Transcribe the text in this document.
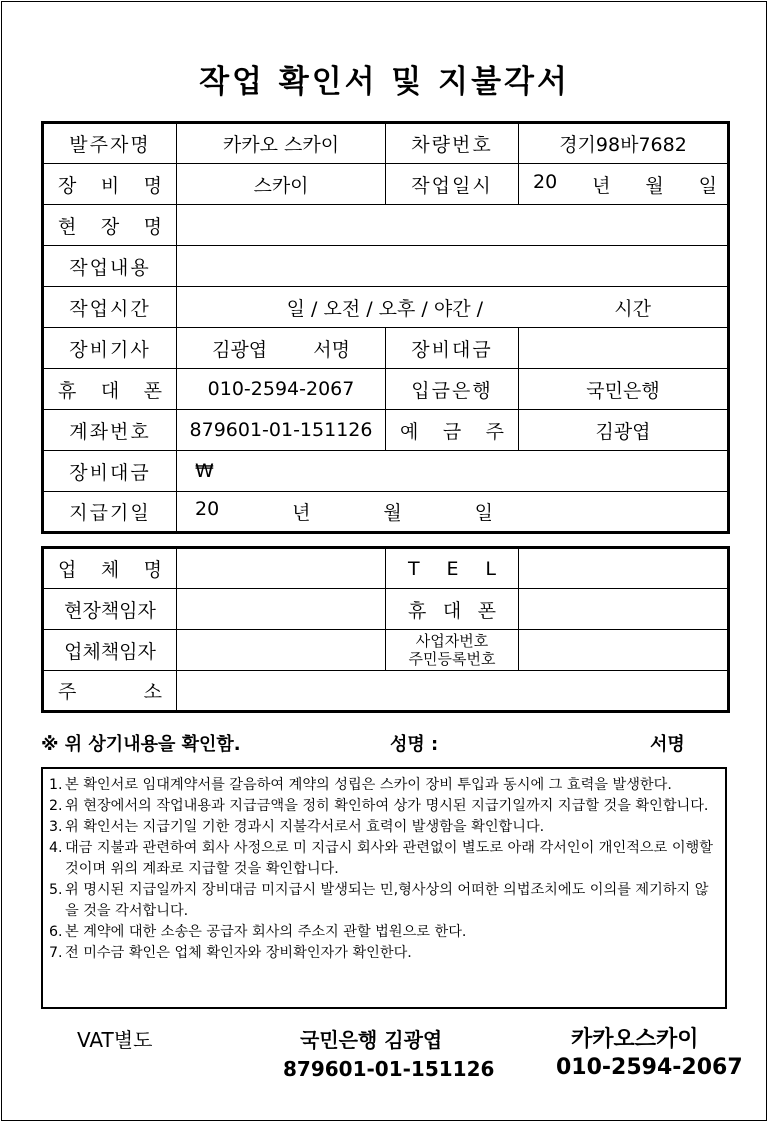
작업 확인서 및 지불각서
발주자명	카카오 스카이	차량번호	경기98바7682

장 비 명	스카이	작업일시	20 년 월 일

현 장 명			

작업내용			
작업시간	일 / 오전 / 오후 / 야간 / 시간		

장비기사	김광엽 서명	장비대금	

휴 대 폰	010-2594-2067	입금은행	국민은행
계좌번호	879601-01-151126	예 금 주	김광엽
장비대금	₩		
지급기일	20 년 월 일		
업 체 명		T E L	

현장책임자		휴 대 폰	

업체책임자		사업자번호
주민등록번호	

주 소			

※ 위 상기내용을 확인함.	성명 :	서명
1. 본 확인서로 임대계약서를 갈음하여 계약의 성립은 스카이 장비 투입과 동시에 그 효력을 발생한다.
2. 위 현장에서의 작업내용과 지급금액을 정히 확인하여 상가 명시된 지급기일까지 지급할 것을 확인합니다.
3. 위 확인서는 지급기일 기한 경과시 지불각서로서 효력이 발생함을 확인합니다.
4. 대금 지불과 관련하여 회사 사정으로 미 지급시 회사와 관련없이 별도로 아래 각서인이 개인적으로 이행할 것이며 위의 계좌로 지급할 것을 확인합니다.
5. 위 명시된 지급일까지 장비대금 미지급시 발생되는 민,형사상의 어떠한 의법조치에도 이의를 제기하지 않을 것을 각서합니다.
6. 본 계약에 대한 소송은 공급자 회사의 주소지 관할 법원으로 한다.
7. 전 미수금 확인은 업체 확인자와 장비확인자가 확인한다.
VAT별도	국민은행 김광엽
879601-01-151126
카카오스카이
010-2594-2067
